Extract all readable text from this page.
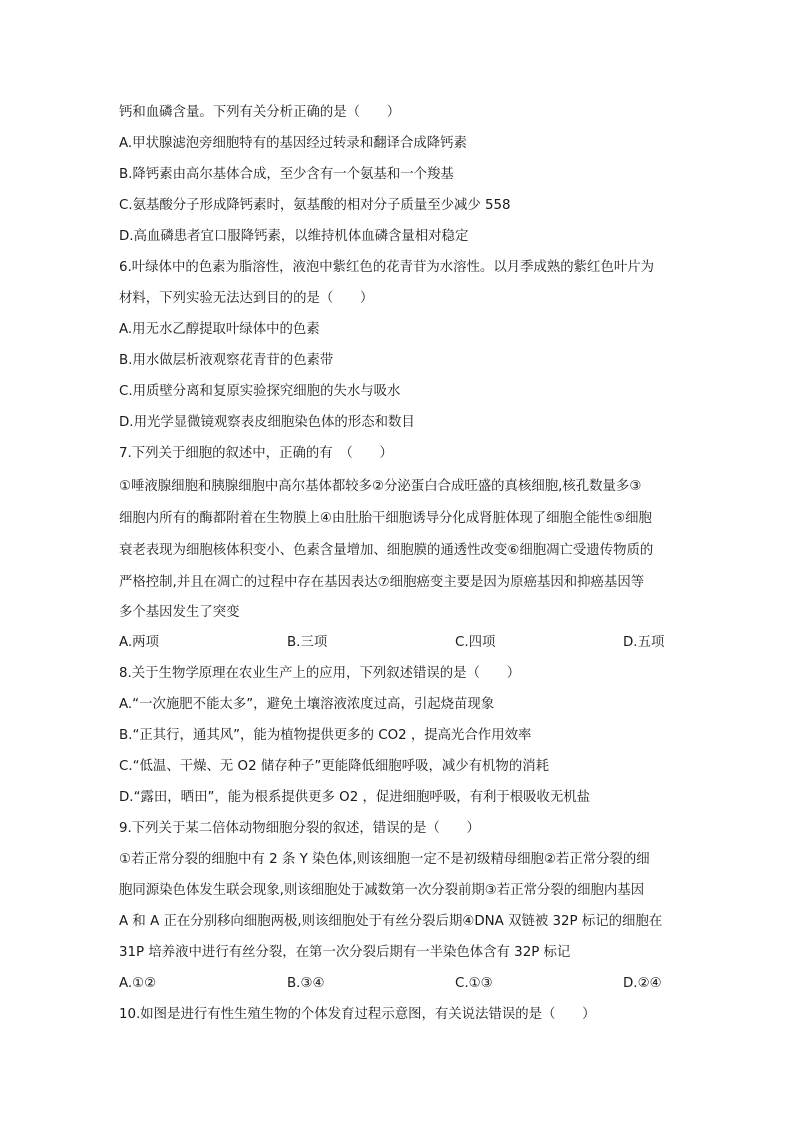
钙和血磷含量。下列有关分析正确的是（　　）
A.甲状腺滤泡旁细胞特有的基因经过转录和翻译合成降钙素
B.降钙素由高尔基体合成，至少含有一个氨基和一个羧基
C.氨基酸分子形成降钙素时，氨基酸的相对分子质量至少减少 558
D.高血磷患者宜口服降钙素，以维持机体血磷含量相对稳定
6.叶绿体中的色素为脂溶性，液泡中紫红色的花青苷为水溶性。以月季成熟的紫红色叶片为
材料，下列实验无法达到目的的是（　　）
A.用无水乙醇提取叶绿体中的色素
B.用水做层析液观察花青苷的色素带
C.用质壁分离和复原实验探究细胞的失水与吸水
D.用光学显微镜观察表皮细胞染色体的形态和数目
7.下列关于细胞的叙述中，正确的有　（　　）
①唾液腺细胞和胰腺细胞中高尔基体都较多②分泌蛋白合成旺盛的真核细胞,核孔数量多③
细胞内所有的酶都附着在生物膜上④由肚胎干细胞诱导分化成肾脏体现了细胞全能性⑤细胞
衰老表现为细胞核体积变小、色素含量增加、细胞膜的通透性改变⑥细胞凋亡受遗传物质的
严格控制,并且在凋亡的过程中存在基因表达⑦细胞癌变主要是因为原癌基因和抑癌基因等
多个基因发生了突变
A.两项	B.三项	C.四项	D.五项
8.关于生物学原理在农业生产上的应用，下列叙述错误的是（　　）
A.“一次施肥不能太多”，避免土壤溶液浓度过高，引起烧苗现象
B.“正其行，通其风”，能为植物提供更多的 CO2 ，提高光合作用效率
C.“低温、干燥、无 O2 储存种子”更能降低细胞呼吸，减少有机物的消耗
D.“露田，晒田”，能为根系提供更多 O2 ，促进细胞呼吸，有利于根吸收无机盐
9.下列关于某二倍体动物细胞分裂的叙述，错误的是（　　）
①若正常分裂的细胞中有 2 条 Y 染色体,则该细胞一定不是初级精母细胞②若正常分裂的细
胞同源染色体发生联会现象,则该细胞处于减数第一次分裂前期③若正常分裂的细胞内基因
A 和 A 正在分别移向细胞两极,则该细胞处于有丝分裂后期④DNA 双链被 32P 标记的细胞在
31P 培养液中进行有丝分裂，在第一次分裂后期有一半染色体含有 32P 标记
A.①②	B.③④	C.①③	D.②④
10.如图是进行有性生殖生物的个体发育过程示意图，有关说法错误的是（　　）
